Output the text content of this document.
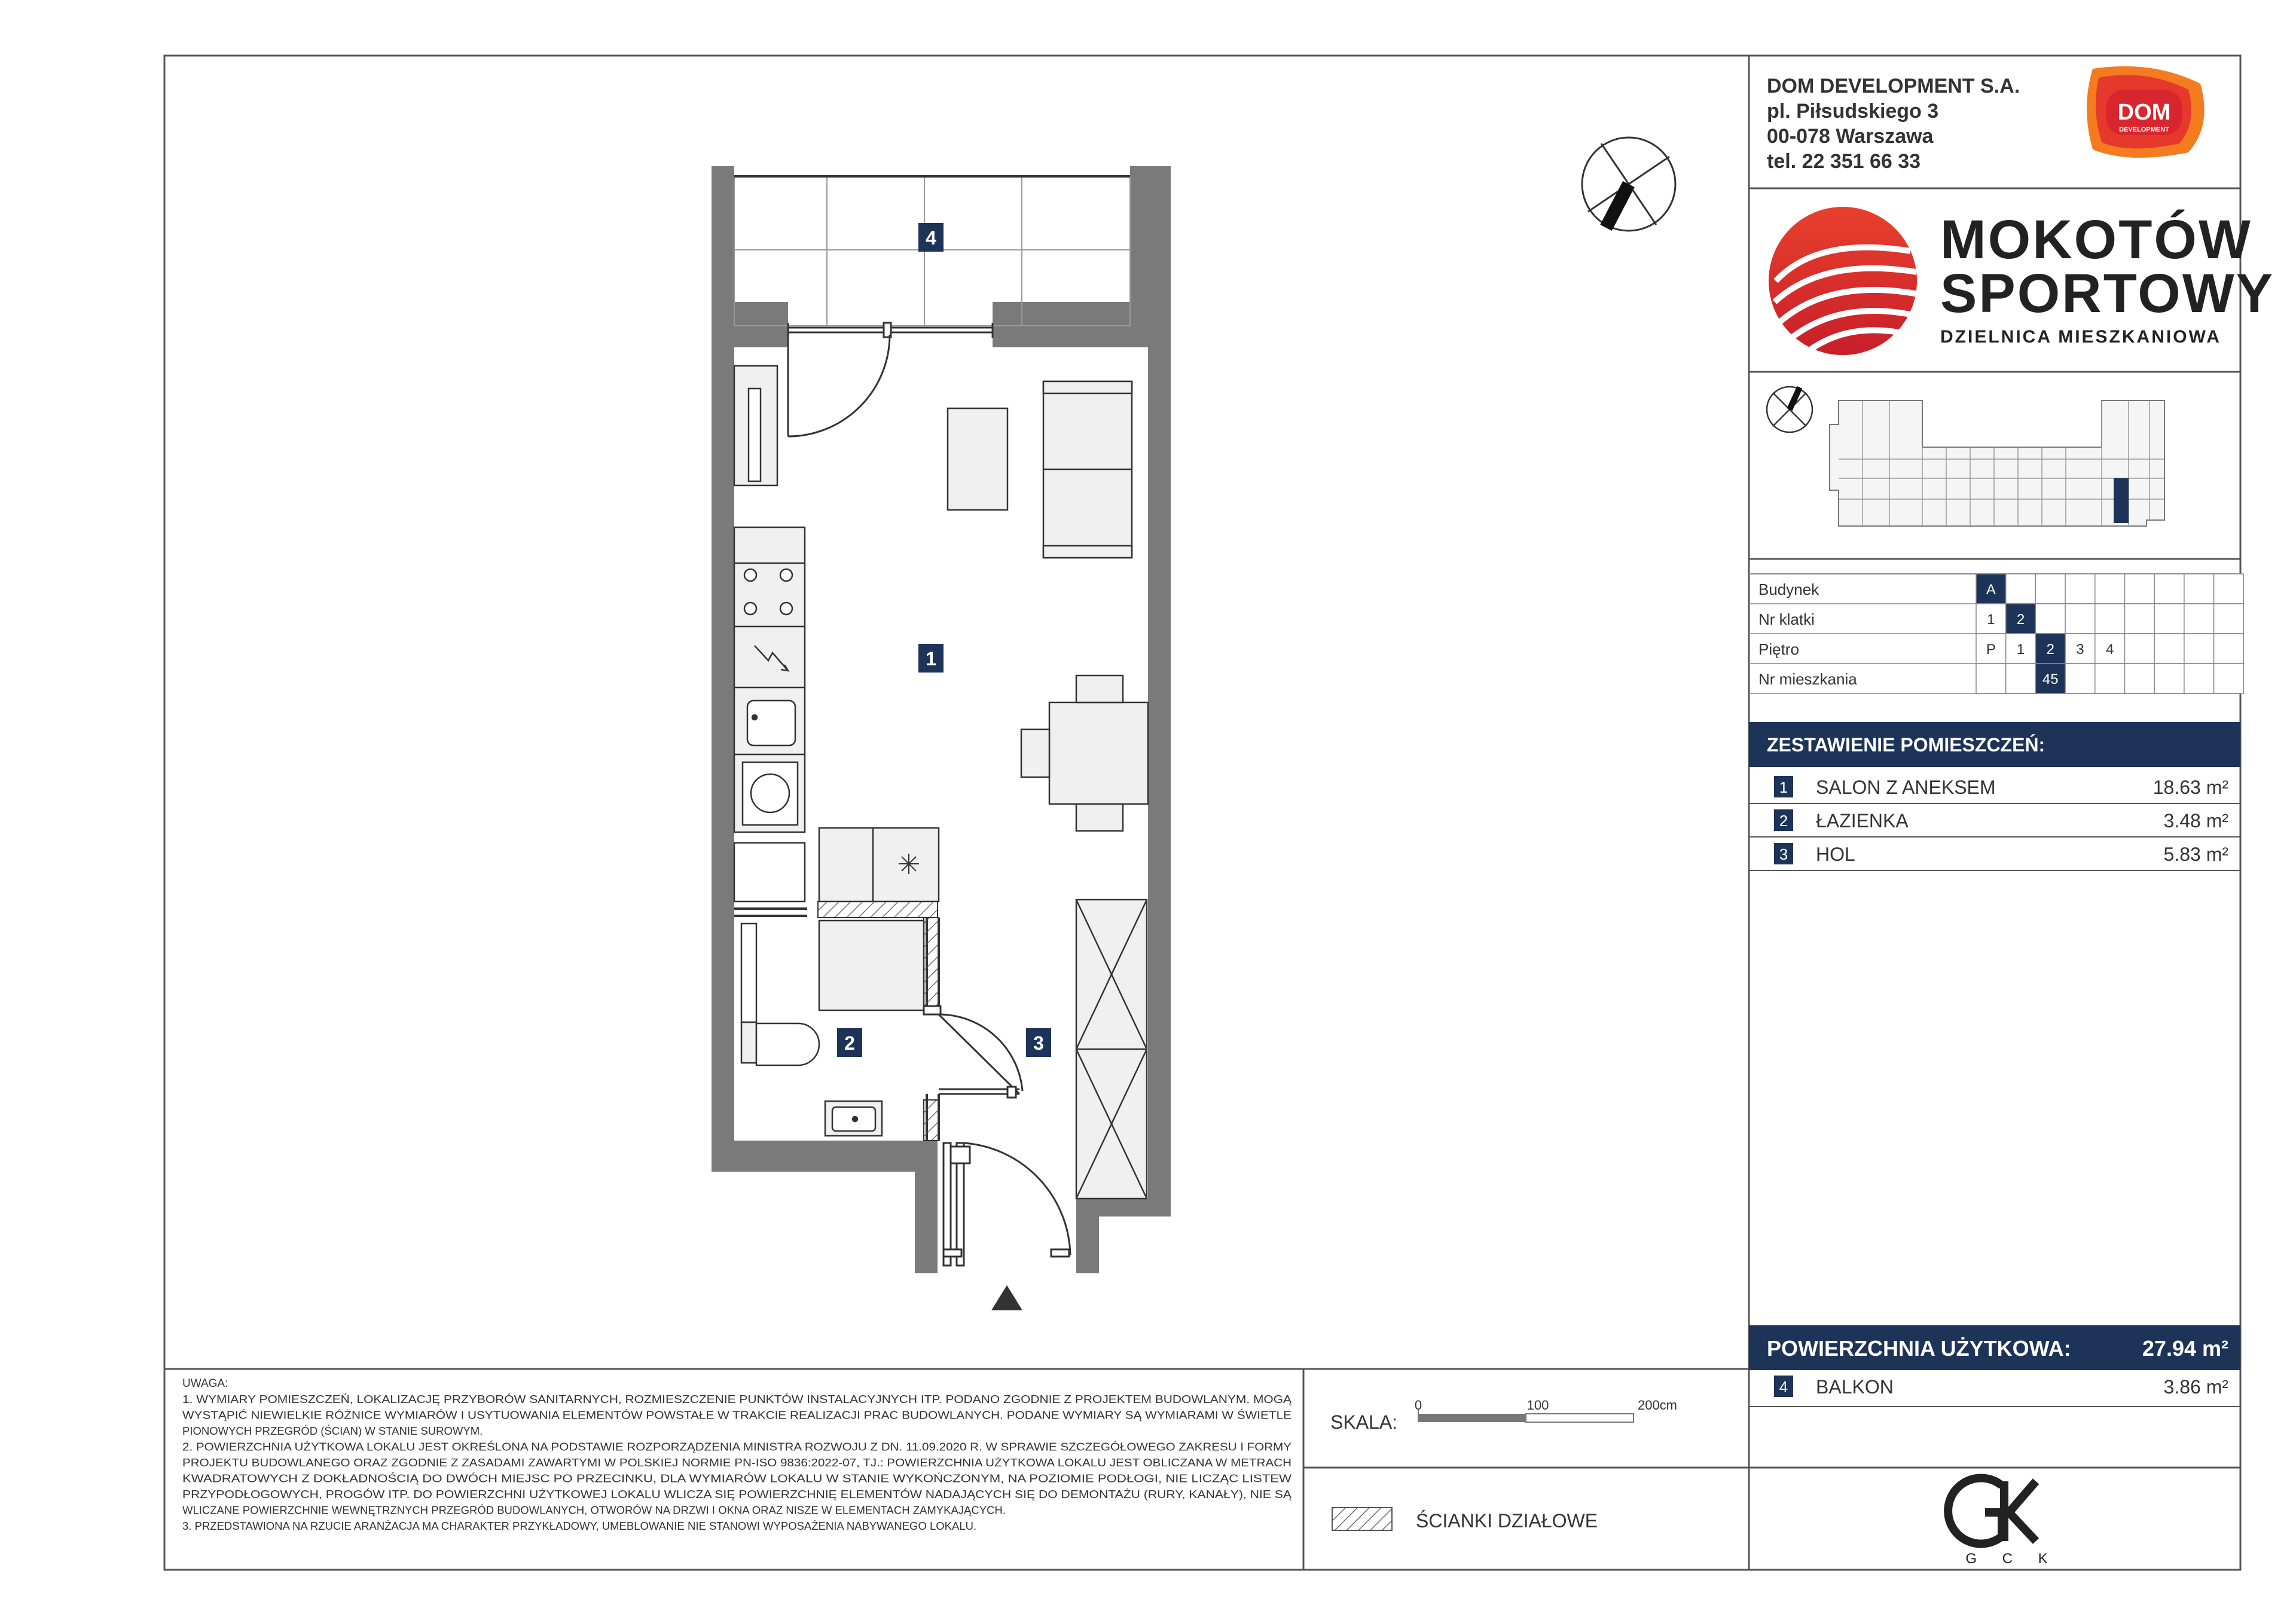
4
1
2	3
UWAGA:
1. WYMIARY POMIESZCZEŃ, LOKALIZACJĘ PRZYBORÓW SANITARNYCH, ROZMIESZCZENIE PUNKTÓW INSTALACYJNYCH ITP. PODANO ZGODNIE Z PROJEKTEM BUDOWLANYM. MOGĄ
WYSTĄPIĆ NIEWIELKIE RÓŻNICE WYMIARÓW I USYTUOWANIA ELEMENTÓW POWSTAŁE W TRAKCIE REALIZACJI PRAC BUDOWLANYCH. PODANE WYMIARY SĄ WYMIARAMI W ŚWIETLE
PIONOWYCH PRZEGRÓD (ŚCIAN) W STANIE SUROWYM.
2. POWIERZCHNIA UŻYTKOWA LOKALU JEST OKREŚLONA NA PODSTAWIE ROZPORZĄDZENIA MINISTRA ROZWOJU Z DN. 11.09.2020 R. W SPRAWIE SZCZEGÓŁOWEGO ZAKRESU I FORMY
PROJEKTU BUDOWLANEGO ORAZ ZGODNIE Z ZASADAMI ZAWARTYMI W POLSKIEJ NORMIE PN-ISO 9836:2022-07, TJ.: POWIERZCHNIA UŻYTKOWA LOKALU JEST OBLICZANA W METRACH
KWADRATOWYCH Z DOKŁADNOŚCIĄ DO DWÓCH MIEJSC PO PRZECINKU, DLA WYMIARÓW LOKALU W STANIE WYKOŃCZONYM, NA POZIOMIE PODŁOGI, NIE LICZĄC LISTEW
PRZYPODŁOGOWYCH, PROGÓW ITP. DO POWIERZCHNI UŻYTKOWEJ LOKALU WLICZA SIĘ POWIERZCHNIĘ ELEMENTÓW NADAJĄCYCH SIĘ DO DEMONTAŻU (RURY, KANAŁY), NIE SĄ
WLICZANE POWIERZCHNIE WEWNĘTRZNYCH PRZEGRÓD BUDOWLANYCH, OTWORÓW NA DRZWI I OKNA ORAZ NISZE W ELEMENTACH ZAMYKAJĄCYCH.
3. PRZEDSTAWIONA NA RZUCIE ARANŻACJA MA CHARAKTER PRZYKŁADOWY, UMEBLOWANIE NIE STANOWI WYPOSAŻENIA NABYWANEGO LOKALU.
SKALA:
0	100	200cm
ŚCIANKI DZIAŁOWE
DOM DEVELOPMENT S.A.
pl. Piłsudskiego 3
00-078 Warszawa
tel. 22 351 66 33
DOM
DEVELOPMENT
MOKOTÓW
SPORTOWY
DZIELNICA MIESZKANIOWA
Budynek	A
Nr klatki	1 2
Piętro	P 1 2 3 4
Nr mieszkania	45
ZESTAWIENIE POMIESZCZEŃ:
1 SALON Z ANEKSEM	18.63 m²
2 ŁAZIENKA	3.48 m²
3 HOL	5.83 m²
POWIERZCHNIA UŻYTKOWA:	27.94 m²
4 BALKON	3.86 m²
G C K
